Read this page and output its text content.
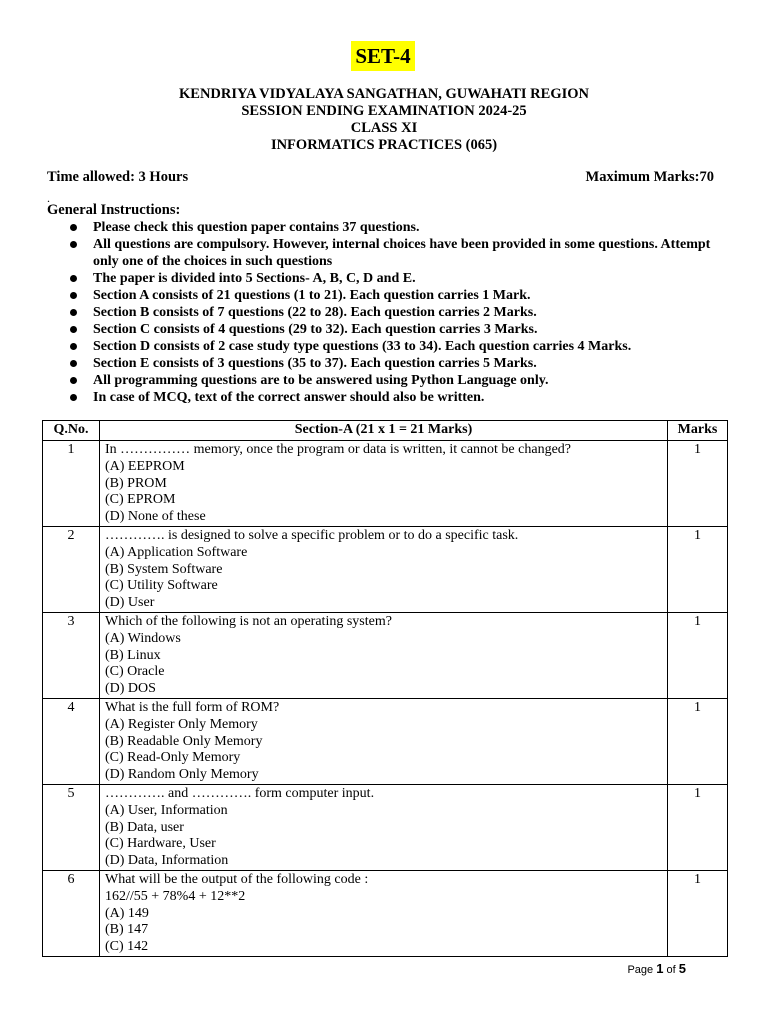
SET-4
KENDRIYA VIDYALAYA SANGATHAN, GUWAHATI REGION
SESSION ENDING EXAMINATION 2024-25
CLASS XI
INFORMATICS PRACTICES (065)
Time allowed: 3 Hours	Maximum Marks:70
.
General Instructions:
Please check this question paper contains 37 questions.
All questions are compulsory. However, internal choices have been provided in some questions. Attempt only one of the choices in such questions
The paper is divided into 5 Sections- A, B, C, D and E.
Section A consists of 21 questions (1 to 21). Each question carries 1 Mark.
Section B consists of 7 questions (22 to 28). Each question carries 2 Marks.
Section C consists of 4 questions (29 to 32). Each question carries 3 Marks.
Section D consists of 2 case study type questions (33 to 34). Each question carries 4 Marks.
Section E consists of 3 questions (35 to 37). Each question carries 5 Marks.
All programming questions are to be answered using Python Language only.
In case of MCQ, text of the correct answer should also be written.
Q.No.	Section-A (21 x 1 = 21 Marks)	Marks
1	In …………… memory, once the program or data is written, it cannot be changed?
(A) EEPROM
(B) PROM
(C) EPROM
(D) None of these	1
2	…………. is designed to solve a specific problem or to do a specific task.
(A) Application Software
(B) System Software
(C) Utility Software
(D) User	1
3	Which of the following is not an operating system?
(A) Windows
(B) Linux
(C) Oracle
(D) DOS	1
4	What is the full form of ROM?
(A) Register Only Memory
(B) Readable Only Memory
(C) Read-Only Memory
(D) Random Only Memory	1
5	…………. and …………. form computer input.
(A) User, Information
(B) Data, user
(C) Hardware, User
(D) Data, Information	1
6	What will be the output of the following code :
162//55 + 78%4 + 12**2
(A) 149
(B) 147
(C) 142	1
Page 1 of 5
